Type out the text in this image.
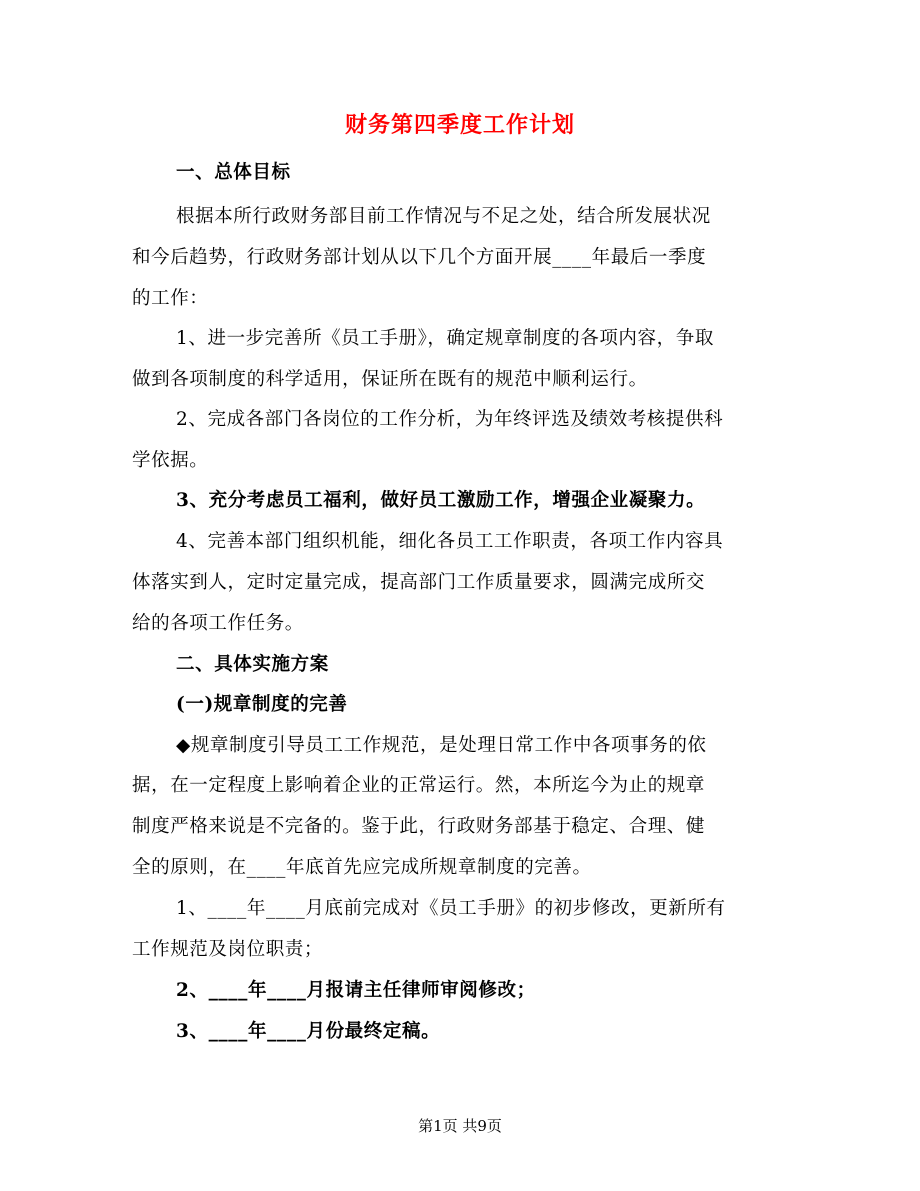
财务第四季度工作计划
一、总体目标
根据本所行政财务部目前工作情况与不足之处，结合所发展状况
和今后趋势，行政财务部计划从以下几个方面开展____年最后一季度
的工作：
1、进一步完善所《员工手册》，确定规章制度的各项内容，争取
做到各项制度的科学适用，保证所在既有的规范中顺利运行。
2、完成各部门各岗位的工作分析，为年终评选及绩效考核提供科
学依据。
3、充分考虑员工福利，做好员工激励工作，增强企业凝聚力。
4、完善本部门组织机能，细化各员工工作职责，各项工作内容具
体落实到人，定时定量完成，提高部门工作质量要求，圆满完成所交
给的各项工作任务。
二、具体实施方案
(一)规章制度的完善
◆规章制度引导员工工作规范，是处理日常工作中各项事务的依
据，在一定程度上影响着企业的正常运行。然，本所迄今为止的规章
制度严格来说是不完备的。鉴于此，行政财务部基于稳定、合理、健
全的原则，在____年底首先应完成所规章制度的完善。
1、____年____月底前完成对《员工手册》的初步修改，更新所有
工作规范及岗位职责；
2、____年____月报请主任律师审阅修改；
3、____年____月份最终定稿。
第1页 共9页
